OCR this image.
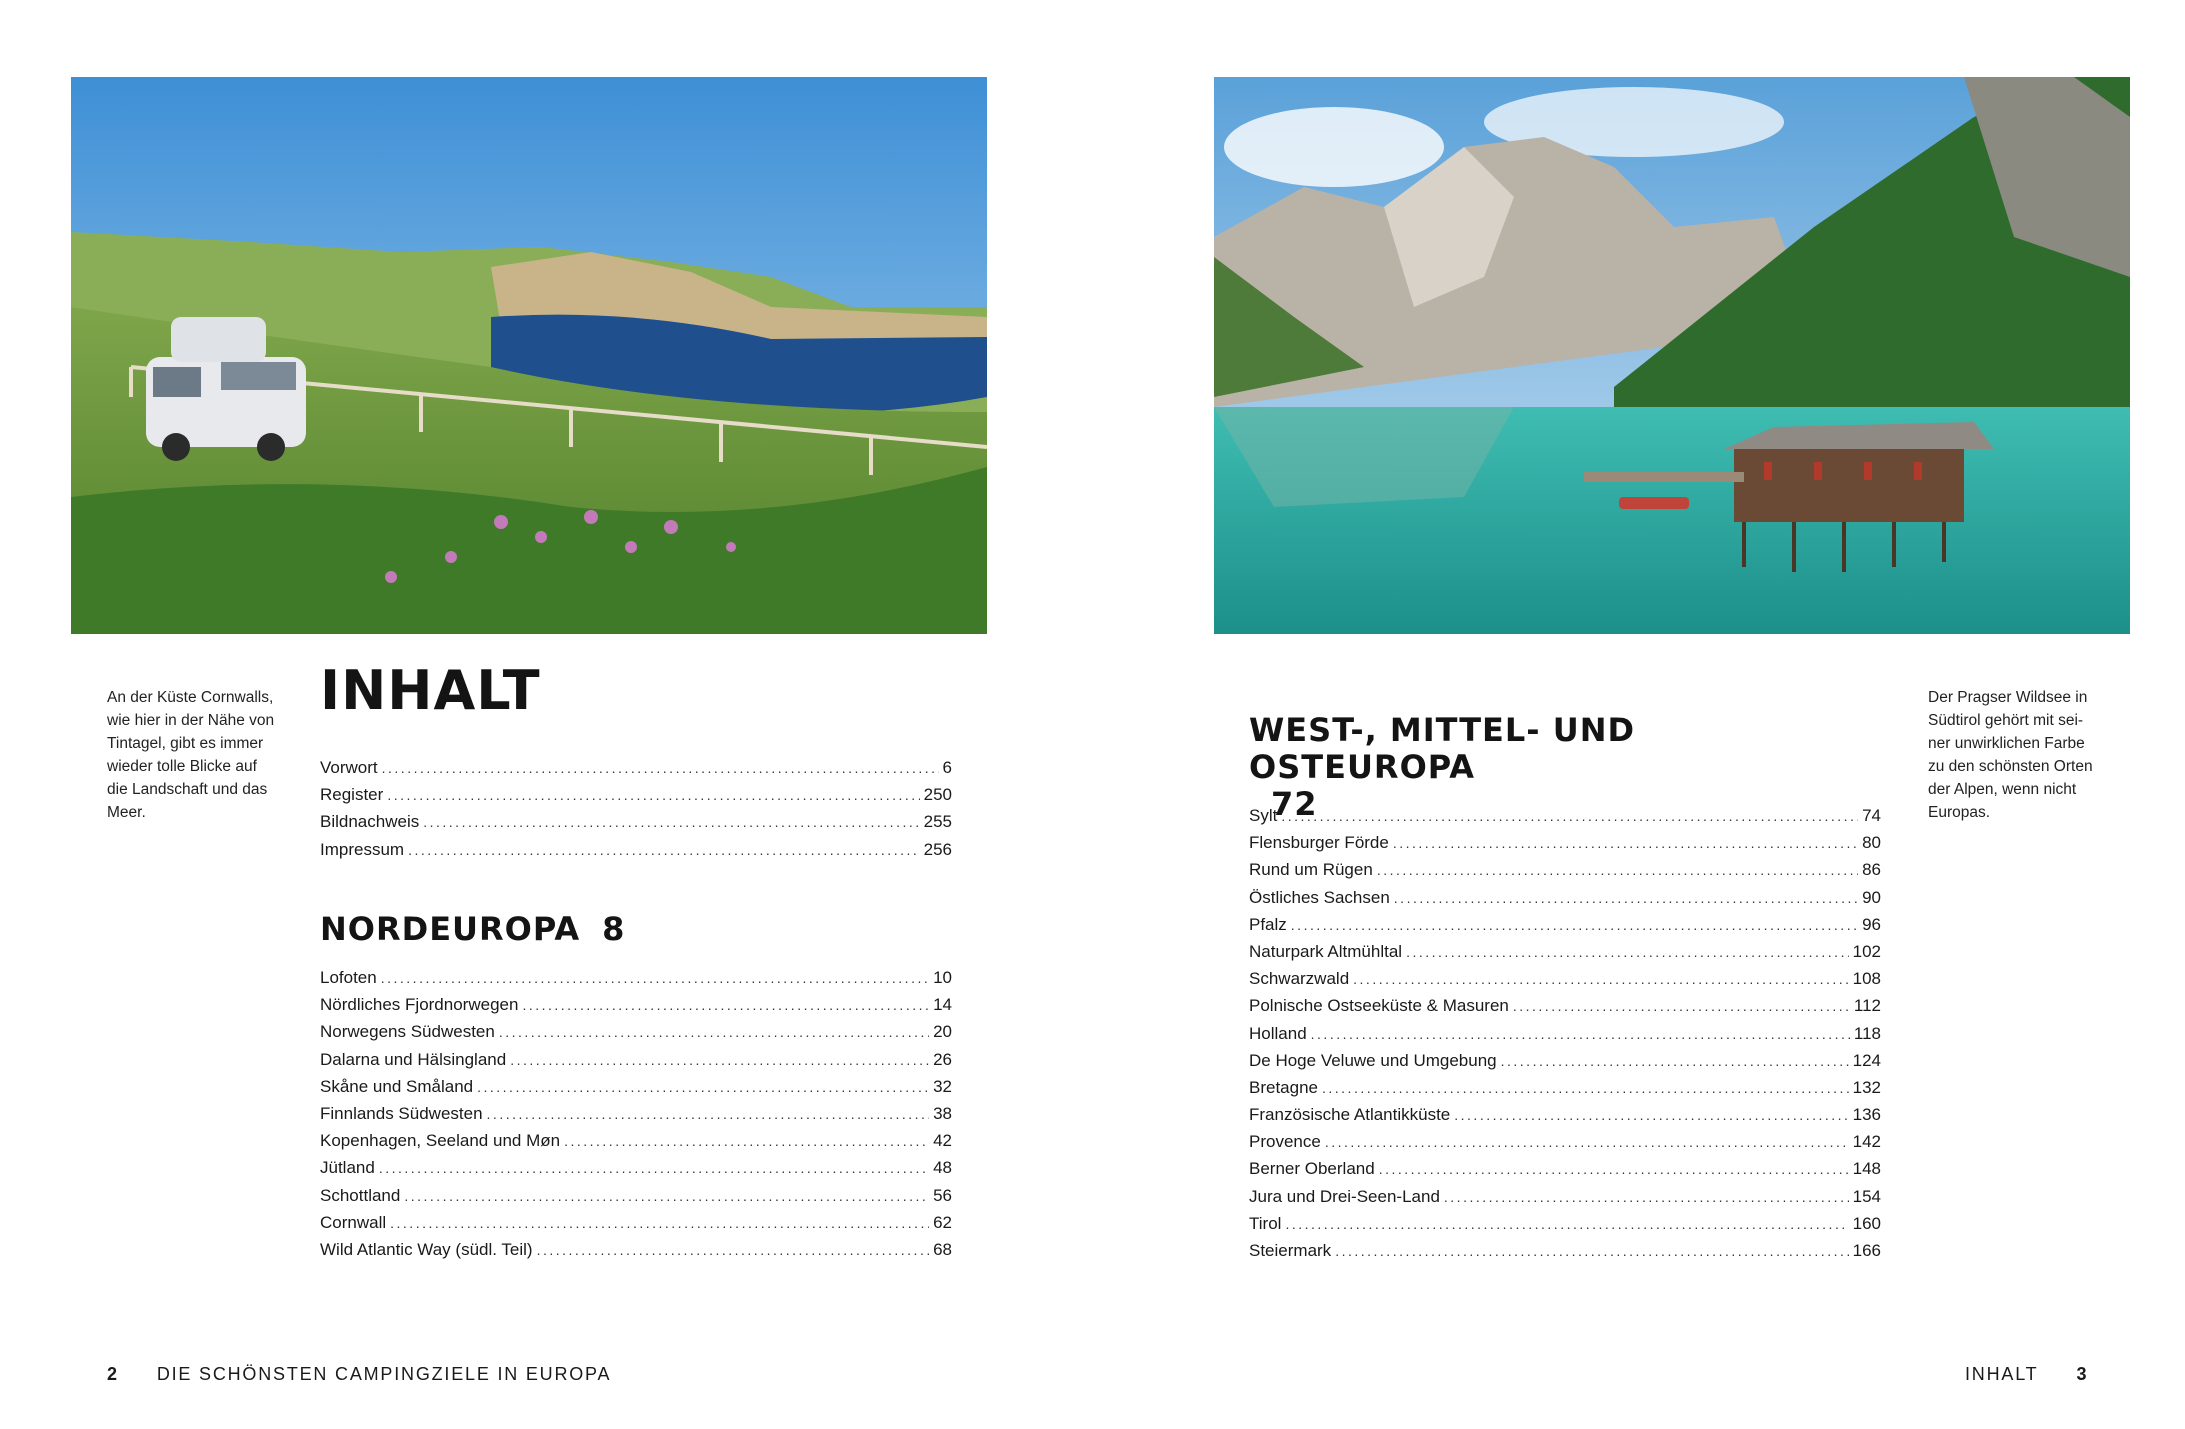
An der Küste Cornwalls,
wie hier in der Nähe von
Tintagel, gibt es immer
wieder tolle Blicke auf
die Landschaft und das
Meer.
INHALT
Vorwort .....	6
Register .....	250
Bildnachweis .....	255
Impressum .....	256
NORDEUROPA 8
Lofoten .....	10
Nördliches Fjordnorwegen .....	14
Norwegens Südwesten .....	20
Dalarna und Hälsingland .....	26
Skåne und Småland .....	32
Finnlands Südwesten .....	38
Kopenhagen, Seeland und Møn .....	42
Jütland .....	48
Schottland .....	56
Cornwall .....	62
Wild Atlantic Way (südl. Teil) .....	68
2 DIE SCHÖNSTEN CAMPINGZIELE IN EUROPA
WEST-, MITTEL- UND
OSTEUROPA
72
Sylt .....	74
Flensburger Förde .....	80
Rund um Rügen .....	86
Östliches Sachsen .....	90
Pfalz .....	96
Naturpark Altmühltal .....	102
Schwarzwald .....	108
Polnische Ostseeküste & Masuren .....	112
Holland .....	118
De Hoge Veluwe und Umgebung .....	124
Bretagne .....	132
Französische Atlantikküste .....	136
Provence .....	142
Berner Oberland .....	148
Jura und Drei-Seen-Land .....	154
Tirol .....	160
Steiermark .....	166
Der Pragser Wildsee in
Südtirol gehört mit sei-
ner unwirklichen Farbe
zu den schönsten Orten
der Alpen, wenn nicht
Europas.
INHALT 3
